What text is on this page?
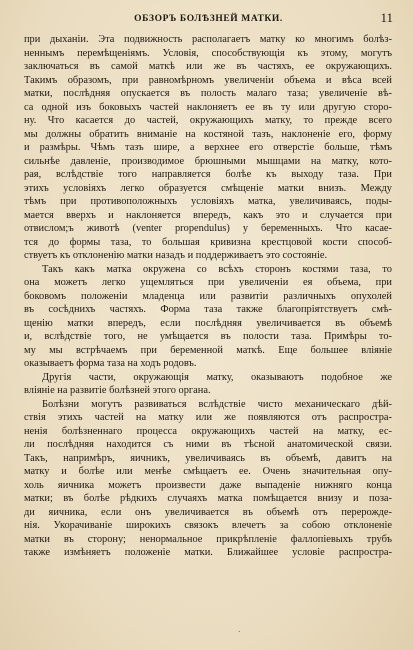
ОБЗОРЪ БОЛѢЗНЕЙ МАТКИ.	11

при дыханіи. Эта подвижность располагаетъ матку ко многимъ болѣз-

неннымъ перемѣщеніямъ. Условія, способствующія къ этому, могутъ

заключаться въ самой маткѣ или же въ частяхъ, ее окружающихъ.

Такимъ образомъ, при равномѣрномъ увеличеніи объема и вѣса всей

матки, послѣдняя опускается въ полость малаго таза; увеличеніе вѣ-

са одной изъ боковыхъ частей наклоняетъ ее въ ту или другую сторо-

ну. Что касается до частей, окружающихъ матку, то прежде всего

мы должны обратить вниманіе на костяной тазъ, наклоненіе его, форму

и размѣры. Чѣмъ тазъ шире, а верхнее его отверстіе больше, тѣмъ

сильнѣе давленіе, производимое брюшными мышцами на матку, кото-

рая, вслѣдствіе того направляется болѣе къ выходу таза. При

этихъ условіяхъ легко образуется смѣщеніе матки внизъ. Между

тѣмъ при противоположныхъ условіяхъ матка, увеличиваясь, поды-

мается вверхъ и наклоняется впередъ, какъ это и случается при

отвислом;ъ животѣ (venter propendulus) у беременныхъ. Что касае-

тся до формы таза, то большая кривизна крестцовой кости способ-

ствуетъ къ отклоненію матки назадъ и поддерживаетъ это состояніе.

Такъ какъ матка окружена со всѣхъ сторонъ костями таза, то

она можетъ легко ущемляться при увеличеніи ея объема, при

боковомъ положеніи младенца или развитіи различныхъ опухолей

въ сосѣднихъ частяхъ. Форма таза также благопріятствуетъ смѣ-

щенію матки впередъ, если послѣдняя увеличивается въ объемѣ

и, вслѣдствіе того, не умѣщается въ полости таза. Примѣры то-

му мы встрѣчаемъ при беременной маткѣ. Еще большее вліяніе

оказываетъ форма таза на ходъ родовъ.

Другія части, окружающія матку, оказываютъ подобное же

вліяніе на развитіе болѣзней этого органа.

Болѣзни могутъ развиваться вслѣдствіе чисто механическаго дѣй-

ствія этихъ частей на матку или же появляются отъ распростра-

ненія болѣзненнаго процесса окружающихъ частей на матку, ес-

ли послѣдняя находится съ ними въ тѣсной анатомической связи.

Такъ, напримѣръ, яичникъ, увеличиваясь въ объемѣ, давитъ на

матку и болѣе или менѣе смѣщаетъ ее. Очень значительная опу-

холь яичника можетъ произвести даже выпаденіе нижняго конца

матки; въ болѣе рѣдкихъ случаяхъ матка помѣщается внизу и поза-

ди яичника, если онъ увеличивается въ объемѣ отъ перерожде-

нія. Укорачиваніе широкихъ связокъ влечетъ за собою отклоненіе

матки въ сторону; ненормальное прикрѣпленіе фаллопіевыхъ трубъ

также измѣняетъ положеніе матки. Ближайшее условіе распростра-

·
